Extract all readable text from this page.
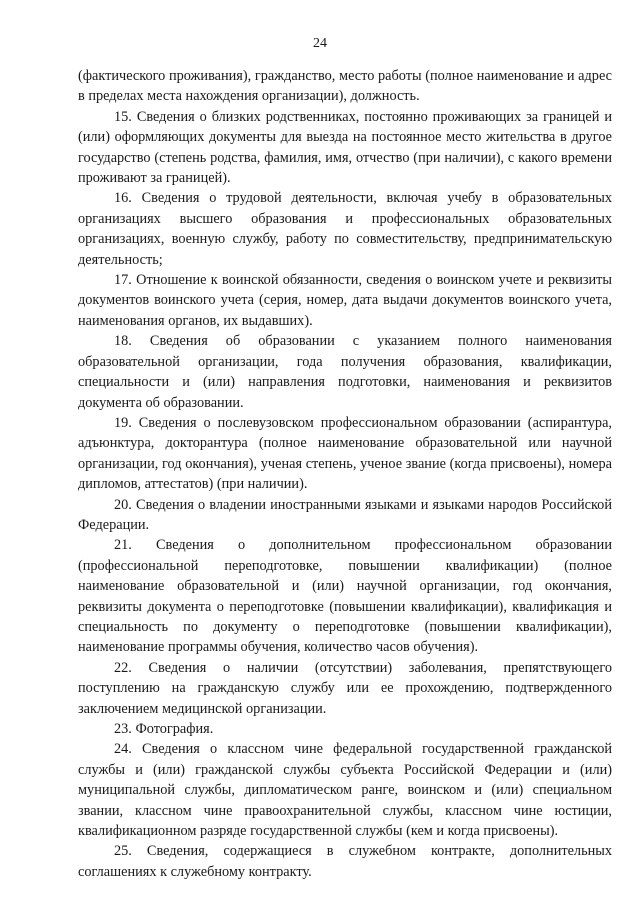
24

(фактического проживания), гражданство, место работы (полное наименование и адрес в пределах места нахождения организации), должность.

15. Сведения о близких родственниках, постоянно проживающих за границей и (или) оформляющих документы для выезда на постоянное место жительства в другое государство (степень родства, фамилия, имя, отчество (при наличии), с какого времени проживают за границей).

16. Сведения о трудовой деятельности, включая учебу в образовательных организациях высшего образования и профессиональных образовательных организациях, военную службу, работу по совместительству, предпринимательскую деятельность;

17. Отношение к воинской обязанности, сведения о воинском учете и реквизиты документов воинского учета (серия, номер, дата выдачи документов воинского учета, наименования органов, их выдавших).

18. Сведения об образовании с указанием полного наименования образовательной организации, года получения образования, квалификации, специальности и (или) направления подготовки, наименования и реквизитов документа об образовании.

19. Сведения о послевузовском профессиональном образовании (аспирантура, адъюнктура, докторантура (полное наименование образовательной или научной организации, год окончания), ученая степень, ученое звание (когда присвоены), номера дипломов, аттестатов) (при наличии).

20. Сведения о владении иностранными языками и языками народов Российской Федерации.

21. Сведения о дополнительном профессиональном образовании (профессиональной переподготовке, повышении квалификации) (полное наименование образовательной и (или) научной организации, год окончания, реквизиты документа о переподготовке (повышении квалификации), квалификация и специальность по документу о переподготовке (повышении квалификации), наименование программы обучения, количество часов обучения).

22. Сведения о наличии (отсутствии) заболевания, препятствующего поступлению на гражданскую службу или ее прохождению, подтвержденного заключением медицинской организации.

23. Фотография.

24. Сведения о классном чине федеральной государственной гражданской службы и (или) гражданской службы субъекта Российской Федерации и (или) муниципальной службы, дипломатическом ранге, воинском и (или) специальном звании, классном чине правоохранительной службы, классном чине юстиции, квалификационном разряде государственной службы (кем и когда присвоены).

25. Сведения, содержащиеся в служебном контракте, дополнительных соглашениях к служебному контракту.
